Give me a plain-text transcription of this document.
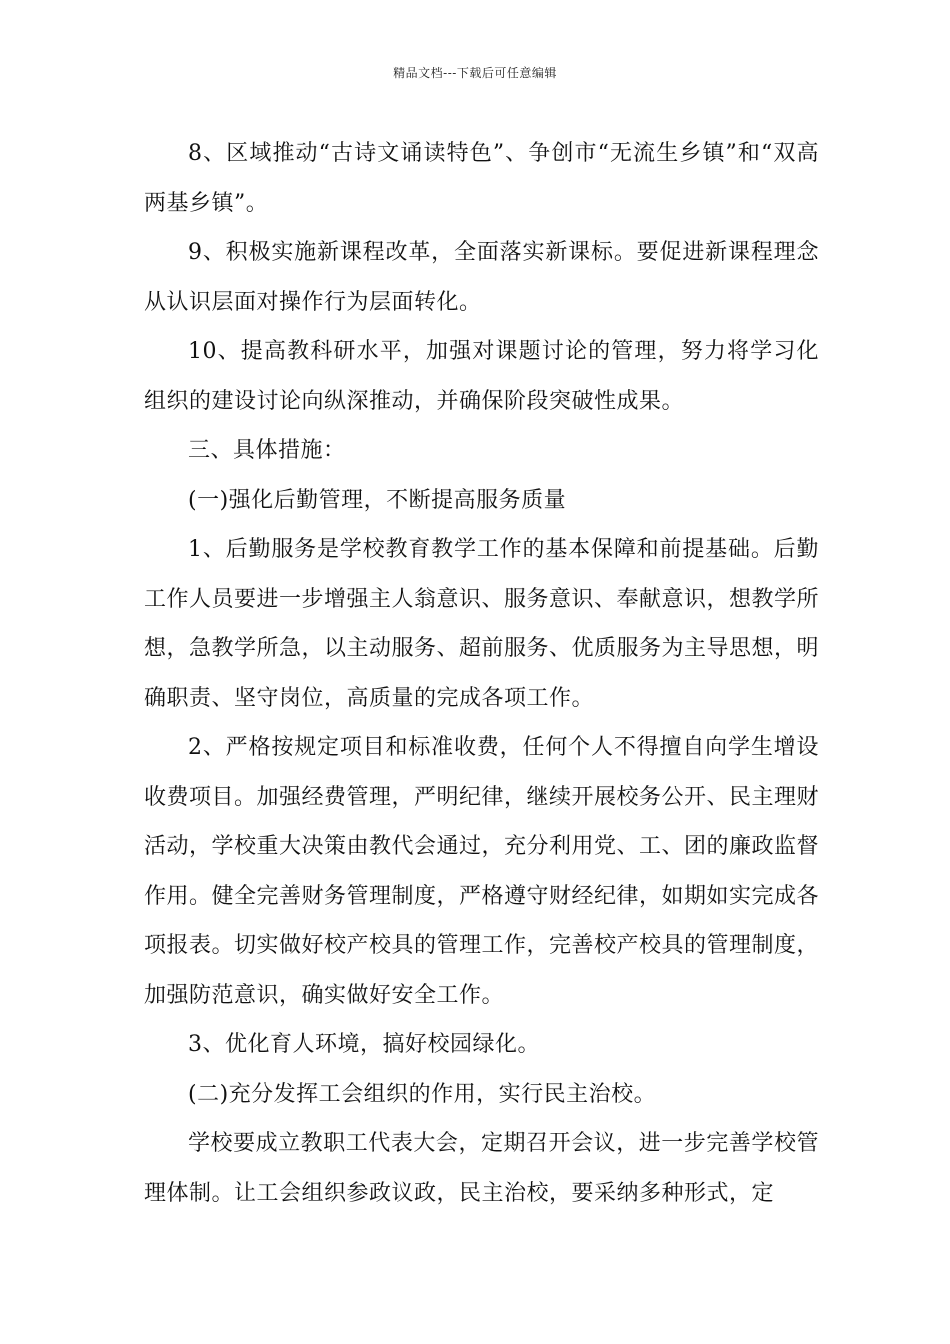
精品文档---下载后可任意编辑

8、区域推动“古诗文诵读特色”、争创市“无流生乡镇”和“双高两基乡镇”。

9、积极实施新课程改革，全面落实新课标。要促进新课程理念从认识层面对操作行为层面转化。

10、提高教科研水平，加强对课题讨论的管理，努力将学习化组织的建设讨论向纵深推动，并确保阶段突破性成果。

三、具体措施：

(一)强化后勤管理，不断提高服务质量

1、后勤服务是学校教育教学工作的基本保障和前提基础。后勤工作人员要进一步增强主人翁意识、服务意识、奉献意识，想教学所想，急教学所急，以主动服务、超前服务、优质服务为主导思想，明确职责、坚守岗位，高质量的完成各项工作。

2、严格按规定项目和标准收费，任何个人不得擅自向学生增设收费项目。加强经费管理，严明纪律，继续开展校务公开、民主理财活动，学校重大决策由教代会通过，充分利用党、工、团的廉政监督作用。健全完善财务管理制度，严格遵守财经纪律，如期如实完成各项报表。切实做好校产校具的管理工作，完善校产校具的管理制度，加强防范意识，确实做好安全工作。

3、优化育人环境，搞好校园绿化。

(二)充分发挥工会组织的作用，实行民主治校。

学校要成立教职工代表大会，定期召开会议，进一步完善学校管理体制。让工会组织参政议政，民主治校，要采纳多种形式，定
